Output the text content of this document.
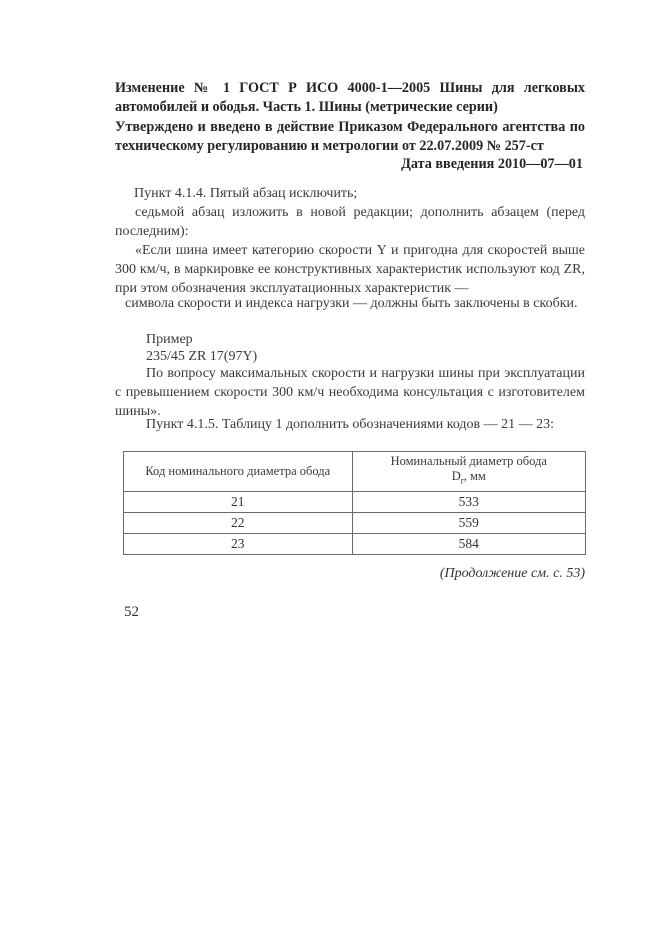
Изменение № 1 ГОСТ Р ИСО 4000-1—2005 Шины для легковых автомобилей и ободья. Часть 1. Шины (метрические серии)
Утверждено и введено в действие Приказом Федерального агентства по техническому регулированию и метрологии от 22.07.2009 № 257-ст
Дата введения 2010—07—01
Пункт 4.1.4. Пятый абзац исключить;
седьмой абзац изложить в новой редакции; дополнить абзацем (перед последним):
«Если шина имеет категорию скорости Y и пригодна для скоростей выше 300 км/ч, в маркировке ее конструктивных характеристик используют код ZR, при этом обозначения эксплуатационных характеристик —
символа скорости и индекса нагрузки — должны быть заключены в скобки.
Пример
235/45 ZR 17(97Y)
По вопросу максимальных скорости и нагрузки шины при эксплуатации с превышением скорости 300 км/ч необходима консультация с изготовителем шины».
Пункт 4.1.5. Таблицу 1 дополнить обозначениями кодов — 21 — 23:
Код номинального диаметра обода	Номинальный диаметр обода
$D_r$, мм
21	533
22	559
23	584
(Продолжение см. с. 53)
52
